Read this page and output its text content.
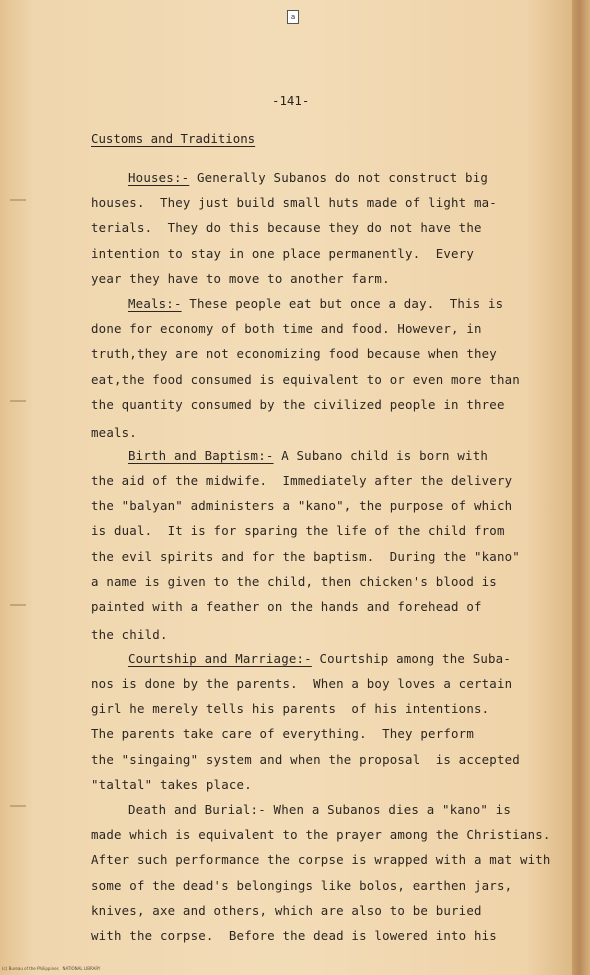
a
-141-
Customs and Traditions
Houses:- Generally Subanos do not construct big
houses.  They just build small huts made of light ma-
terials.  They do this because they do not have the
intention to stay in one place permanently.  Every
year they have to move to another farm.
Meals:- These people eat but once a day.  This is
done for economy of both time and food. However, in
truth,they are not economizing food because when they
eat,the food consumed is equivalent to or even more than
the quantity consumed by the civilized people in three
meals.
Birth and Baptism:- A Subano child is born with
the aid of the midwife.  Immediately after the delivery
the "balyan" administers a "kano", the purpose of which
is dual.  It is for sparing the life of the child from
the evil spirits and for the baptism.  During the "kano"
a name is given to the child, then chicken's blood is
painted with a feather on the hands and forehead of
the child.
Courtship and Marriage:- Courtship among the Suba-
nos is done by the parents.  When a boy loves a certain
girl he merely tells his parents  of his intentions.
The parents take care of everything.  They perform
the "singaing" system and when the proposal  is accepted
"taltal" takes place.
Death and Burial:- When a Subanos dies a "kano" is
made which is equivalent to the prayer among the Christians.
After such performance the corpse is wrapped with a mat with
some of the dead's belongings like bolos, earthen jars,
knives, axe and others, which are also to be buried
with the corpse.  Before the dead is lowered into his
(c) Bureau of the Philippines   NATIONAL LIBRARY
